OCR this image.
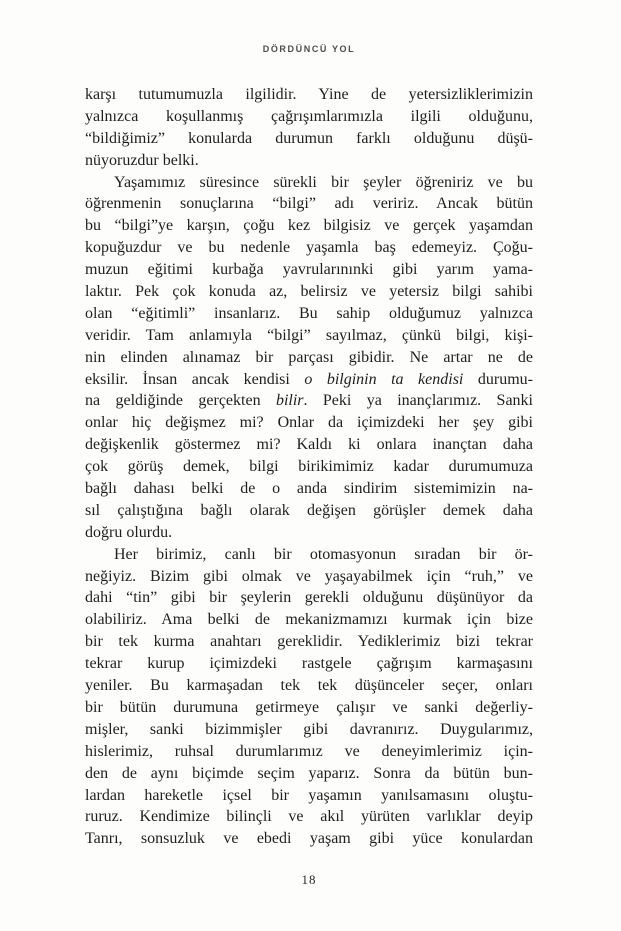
DÖRDÜNCÜ YOL
karşı tutumumuzla ilgilidir. Yine de yetersizliklerimizin
yalnızca koşullanmış çağrışımlarımızla ilgili olduğunu,
“bildiğimiz” konularda durumun farklı olduğunu düşü-
nüyoruzdur belki.
Yaşamımız süresince sürekli bir şeyler öğreniriz ve bu
öğrenmenin sonuçlarına “bilgi” adı veririz. Ancak bütün
bu “bilgi”ye karşın, çoğu kez bilgisiz ve gerçek yaşamdan
kopuğuzdur ve bu nedenle yaşamla baş edemeyiz. Çoğu-
muzun eğitimi kurbağa yavrularınınki gibi yarım yama-
laktır. Pek çok konuda az, belirsiz ve yetersiz bilgi sahibi
olan “eğitimli” insanlarız. Bu sahip olduğumuz yalnızca
veridir. Tam anlamıyla “bilgi” sayılmaz, çünkü bilgi, kişi-
nin elinden alınamaz bir parçası gibidir. Ne artar ne de
eksilir. İnsan ancak kendisi o bilginin ta kendisi durumu-
na geldiğinde gerçekten bilir. Peki ya inançlarımız. Sanki
onlar hiç değişmez mi? Onlar da içimizdeki her şey gibi
değişkenlik göstermez mi? Kaldı ki onlara inançtan daha
çok görüş demek, bilgi birikimimiz kadar durumumuza
bağlı dahası belki de o anda sindirim sistemimizin na-
sıl çalıştığına bağlı olarak değişen görüşler demek daha
doğru olurdu.
Her birimiz, canlı bir otomasyonun sıradan bir ör-
neğiyiz. Bizim gibi olmak ve yaşayabilmek için “ruh,” ve
dahi “tin” gibi bir şeylerin gerekli olduğunu düşünüyor da
olabiliriz. Ama belki de mekanizmamızı kurmak için bize
bir tek kurma anahtarı gereklidir. Yediklerimiz bizi tekrar
tekrar kurup içimizdeki rastgele çağrışım karmaşasını
yeniler. Bu karmaşadan tek tek düşünceler seçer, onları
bir bütün durumuna getirmeye çalışır ve sanki değerliy-
mişler, sanki bizimmişler gibi davranırız. Duygularımız,
hislerimiz, ruhsal durumlarımız ve deneyimlerimiz için-
den de aynı biçimde seçim yaparız. Sonra da bütün bun-
lardan hareketle içsel bir yaşamın yanılsamasını oluştu-
ruruz. Kendimize bilinçli ve akıl yürüten varlıklar deyip
Tanrı, sonsuzluk ve ebedi yaşam gibi yüce konulardan
18
